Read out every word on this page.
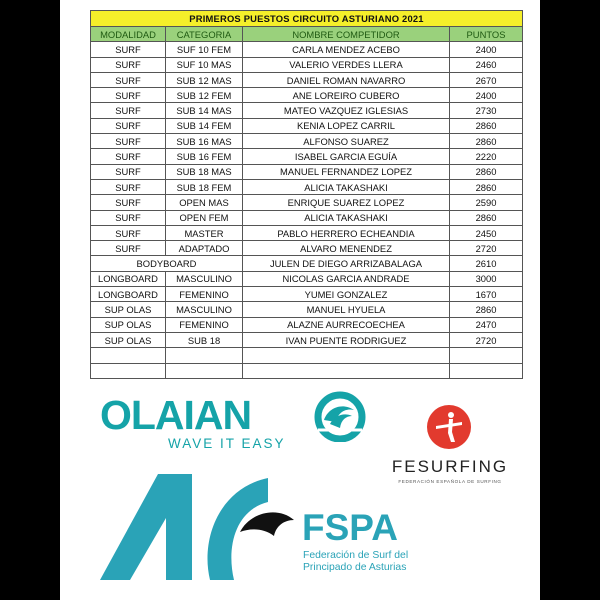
PRIMEROS PUESTOS CIRCUITO ASTURIANO 2021			
MODALIDAD	CATEGORIA	NOMBRE COMPETIDOR	PUNTOS
SURF	SUF 10 FEM	CARLA MENDEZ ACEBO	2400
SURF	SUF 10 MAS	VALERIO VERDES LLERA	2460
SURF	SUB 12 MAS	DANIEL ROMAN NAVARRO	2670
SURF	SUB 12 FEM	ANE LOREIRO CUBERO	2400
SURF	SUB 14 MAS	MATEO VAZQUEZ IGLESIAS	2730
SURF	SUB 14 FEM	KENIA LOPEZ CARRIL	2860
SURF	SUB 16 MAS	ALFONSO SUAREZ	2860
SURF	SUB 16 FEM	ISABEL GARCIA EGUÍA	2220
SURF	SUB 18 MAS	MANUEL FERNANDEZ LOPEZ	2860
SURF	SUB 18 FEM	ALICIA TAKASHAKI	2860
SURF	OPEN MAS	ENRIQUE SUAREZ LOPEZ	2590
SURF	OPEN FEM	ALICIA TAKASHAKI	2860
SURF	MASTER	PABLO HERRERO ECHEANDIA	2450
SURF	ADAPTADO	ALVARO MENENDEZ	2720
BODYBOARD		JULEN DE DIEGO ARRIZABALAGA	2610
LONGBOARD	MASCULINO	NICOLAS GARCIA ANDRADE	3000
LONGBOARD	FEMENINO	YUMEI GONZALEZ	1670
SUP OLAS	MASCULINO	MANUEL HYUELA	2860
SUP OLAS	FEMENINO	ALAZNE AURRECOECHEA	2470
SUP OLAS	SUB 18	IVAN PUENTE RODRIGUEZ	2720

OLAIAN
WAVE IT EASY
FESURFING
FEDERACIÓN ESPAÑOLA DE SURFING
FSPA
Federación de Surf del
Principado de Asturias
